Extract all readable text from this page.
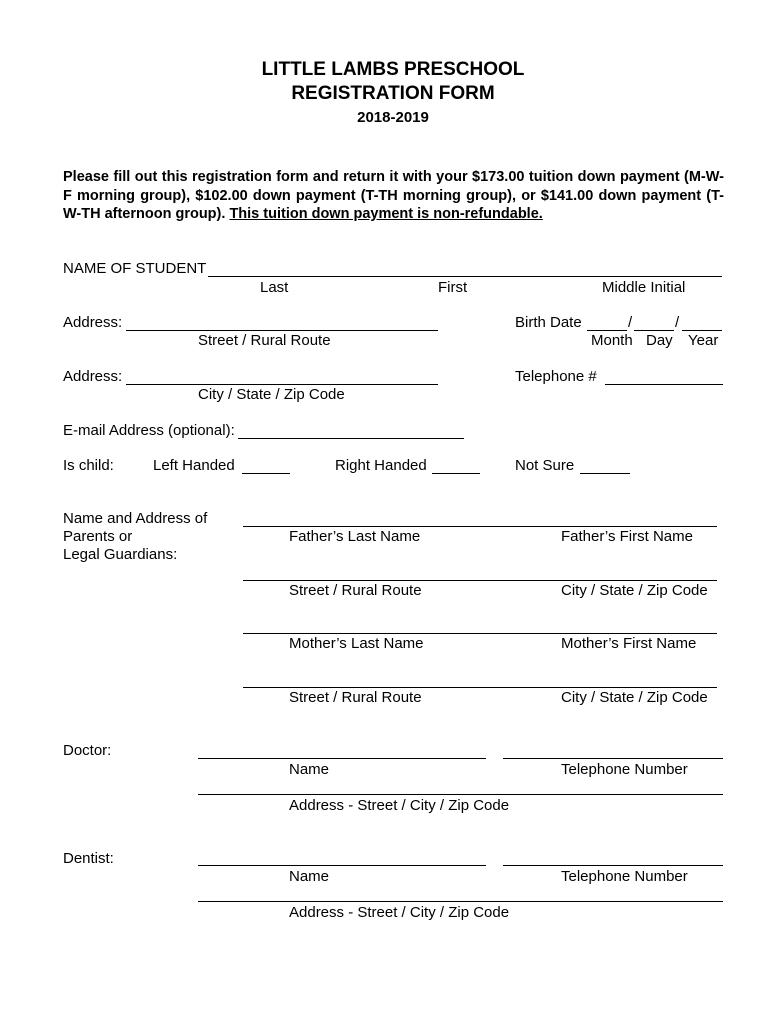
LITTLE LAMBS PRESCHOOL
REGISTRATION FORM
2018-2019
Please fill out this registration form and return it with your $173.00 tuition down payment (M-W-F morning group), $102.00 down payment (T-TH morning group), or $141.00 down payment (T-W-TH afternoon group). This tuition down payment is non-refundable.
NAME OF STUDENT
Last	First	Middle Initial
Address:
Street / Rural Route
Birth Date	/	/
Month Day Year
Address:
City / State / Zip Code
Telephone #
E-mail Address (optional):
Is child:	Left Handed	Right Handed	Not Sure
Name and Address of
Parents or
Legal Guardians:
Father’s Last Name	Father’s First Name
Street / Rural Route	City / State / Zip Code
Mother’s Last Name	Mother’s First Name
Street / Rural Route	City / State / Zip Code
Doctor:
Name	Telephone Number
Address - Street / City / Zip Code
Dentist:
Name	Telephone Number
Address - Street / City / Zip Code
